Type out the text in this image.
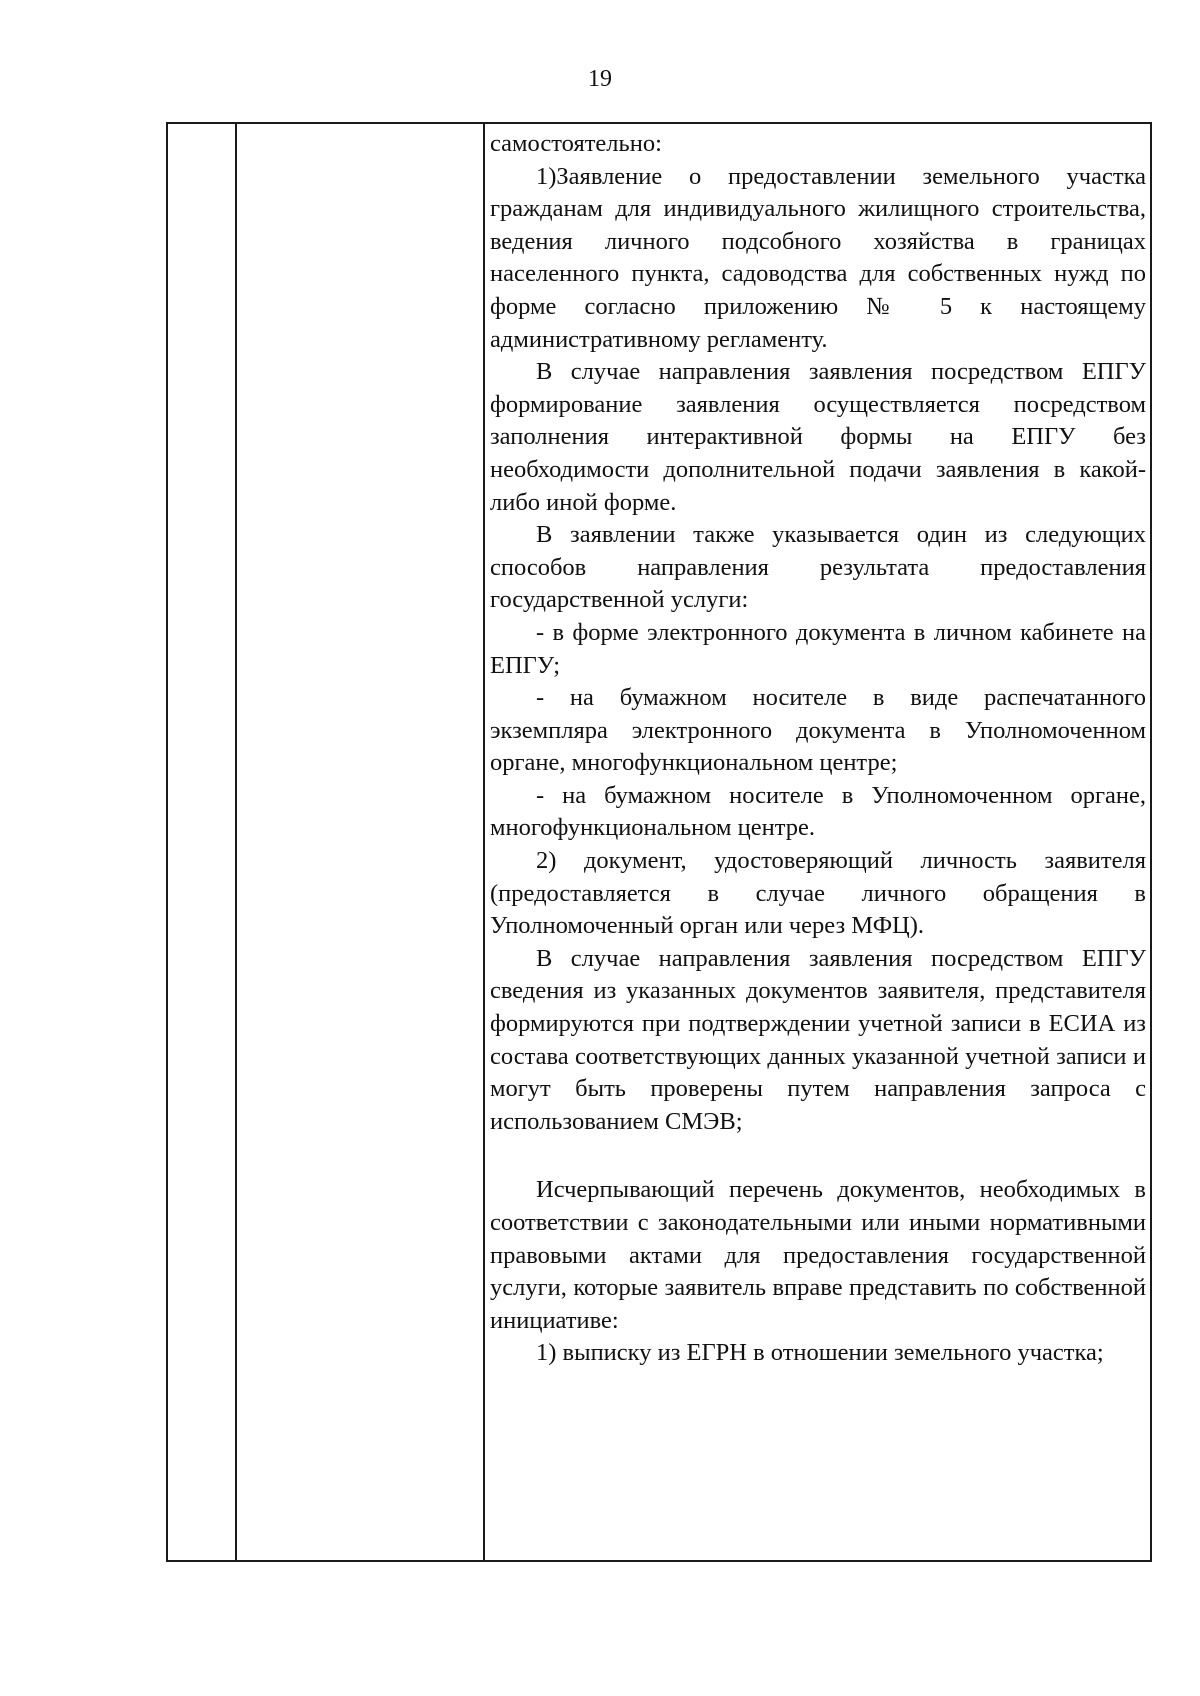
19

самостоятельно:

1)Заявление о предоставлении земельного участка гражданам для индивидуального жилищного строительства, ведения личного подсобного хозяйства в границах населенного пункта, садоводства для собственных нужд по форме согласно приложению № 5 к настоящему административному регламенту.

В случае направления заявления посредством ЕПГУ формирование заявления осуществляется посредством заполнения интерактивной формы на ЕПГУ без необходимости дополнительной подачи заявления в какой-либо иной форме.

В заявлении также указывается один из следующих способов направления результата предоставления государственной услуги:

- в форме электронного документа в личном кабинете на ЕПГУ;

- на бумажном носителе в виде распечатанного экземпляра электронного документа в Уполномоченном органе, многофункциональном центре;

- на бумажном носителе в Уполномоченном органе, многофункциональном центре.

2) документ, удостоверяющий личность заявителя (предоставляется в случае личного обращения в Уполномоченный орган или через МФЦ).

В случае направления заявления посредством ЕПГУ сведения из указанных документов заявителя, представителя формируются при подтверждении учетной записи в ЕСИА из состава соответствующих данных указанной учетной записи и могут быть проверены путем направления запроса с использованием СМЭВ;

Исчерпывающий перечень документов, необходимых в соответствии с законодательными или иными нормативными правовыми актами для предоставления государственной услуги, которые заявитель вправе представить по собственной инициативе:

1) выписку из ЕГРН в отношении земельного участка;
